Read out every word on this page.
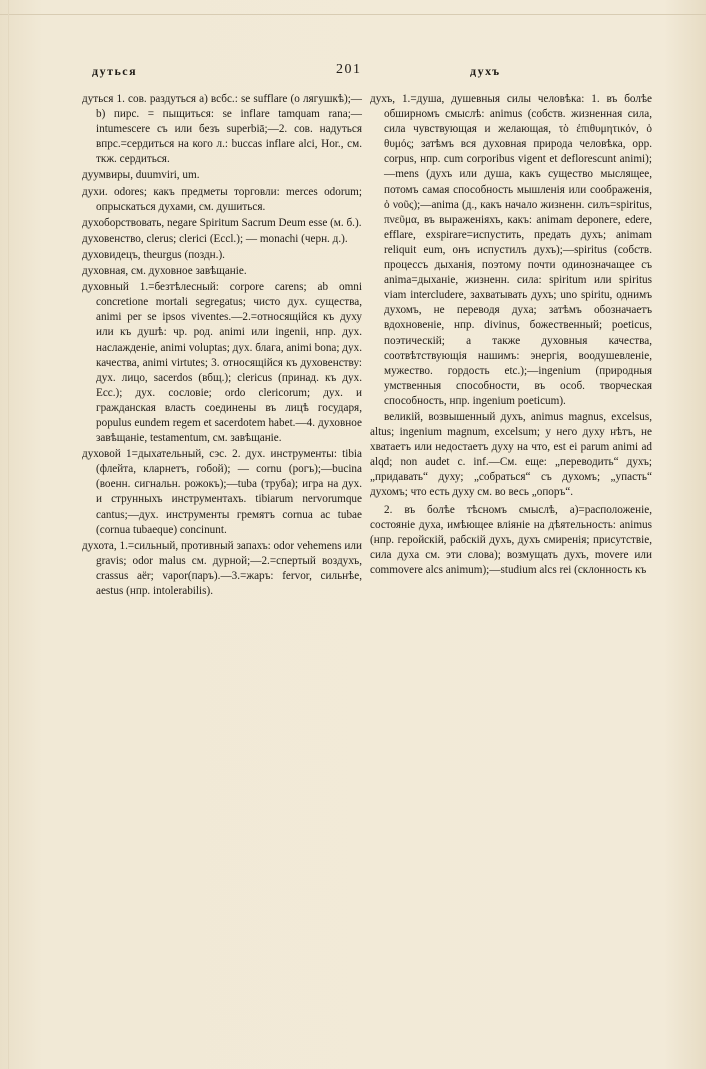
дуться	201	духъ

дуться 1. сов. раздуться а) всбс.: se sufflare (о лягушкѣ);—b) пирс. = пыщиться: se inflare tamquam rana;—intumescere съ или безъ superbiā;—2. сов. надуться впрс.=сердиться на кого л.: buccas inflare alci, Hor., см. ткж. сердиться.

дуумвиры, duumviri, um.

духи. odores; какъ предметы торговли: merces odorum; опрыскаться духами, см. душиться.

духоборствовать, negare Spiritum Sacrum Deum esse (м. б.).

духовенство, clerus; clerici (Eccl.); — monachi (черн. д.).

духовидецъ, theurgus (поздн.).

духовная, см. духовное завѣщаніе.

духовный 1.=безтѣлесный: corpore carens; ab omni concretione mortali segregatus; чисто дух. существа, animi per se ipsos viventes.—2.=относящійся къ духу или къ душѣ: чр. род. animi или ingenii, нпр. дух. наслажденіе, animi voluptas; дух. блага, animi bona; дух. качества, animi virtutes; 3. относящійся къ духовенству: дух. лицо, sacerdos (вбщ.); clericus (принад. къ дух. Ecc.); дух. сословіе; ordo clericorum; дух. и гражданская власть соединены въ лицѣ государя, populus eundem regem et sacerdotem habet.—4. духовное завѣщаніе, testamentum, см. завѣщаніе.

духовой 1=дыхательный, сэс. 2. дух. инструменты: tibia (флейта, кларнетъ, гобой); — cornu (рогъ);—bucina (военн. сигнальн. рожокъ);—tuba (труба); игра на дух. и струнныхъ инструментахъ. tibiarum nervorumque cantus;—дух. инструменты гремятъ cornua ac tubae (cornua tubaeque) concinunt.

духота, 1.=сильный, противный запахъ: odor vehemens или gravis; odor malus см. дурной;—2.=спертый воздухъ, crassus aër; vapor(паръ).—3.=жаръ: fervor, сильнѣе, aestus (нпр. intolerabilis).

духъ, 1.=душа, душевныя силы человѣка: 1. въ болѣе обширномъ смыслѣ: animus (собств. жизненная сила, сила чувствующая и желающая, τὸ ἐπιθυμητικόν, ὁ θυμός; затѣмъ вся духовная природа человѣка, орр. corpus, нпр. cum corporibus vigent et deflorescunt animi);—mens (духъ или душа, какъ существо мыслящее, потомъ самая способность мышленія или соображенія, ὁ νοῦς);—anima (д., какъ начало жизненн. силъ=spiritus, πνεῦμα, въ выраженіяхъ, какъ: animam deponere, edere, efflare, exspirare=испустить, предать духъ; animam reliquit eum, онъ испустилъ духъ);—spiritus (собств. процессъ дыханія, поэтому почти одинозначащее съ anima=дыханіе, жизненн. сила: spiritum или spiritus viam intercludere, захватывать духъ; uno spiritu, однимъ духомъ, не переводя духа; затѣмъ обозначаетъ вдохновеніе, нпр. divinus, божественный; poeticus, поэтическій; а также духовныя качества, соотвѣтствующія нашимъ: энергія, воодушевленіе, мужество. гордость etc.);—ingenium (природныя умственныя способности, въ особ. творческая способность, нпр. ingenium poeticum).

великій, возвышенный духъ, animus magnus, excelsus, altus; ingenium magnum, excelsum; у него духу нѣтъ, не хватаетъ или недостаетъ духу на что, est ei parum animi ad alqd; non audet c. inf.—См. еще: „переводить“ духъ; „придавать“ духу; „собраться“ съ духомъ; „упасть“ духомъ; что есть духу см. во весь „опоръ“.

2. въ болѣе тѣсномъ смыслѣ, а)=расположеніе, состояніе духа, имѣющее вліяніе на дѣятельность: animus (нпр. геройскій, рабскій духъ, духъ смиренія; присутствіе, сила духа см. эти слова); возмущать духъ, movere или commovere alcs animum);—studium alcs rei (склонность къ
